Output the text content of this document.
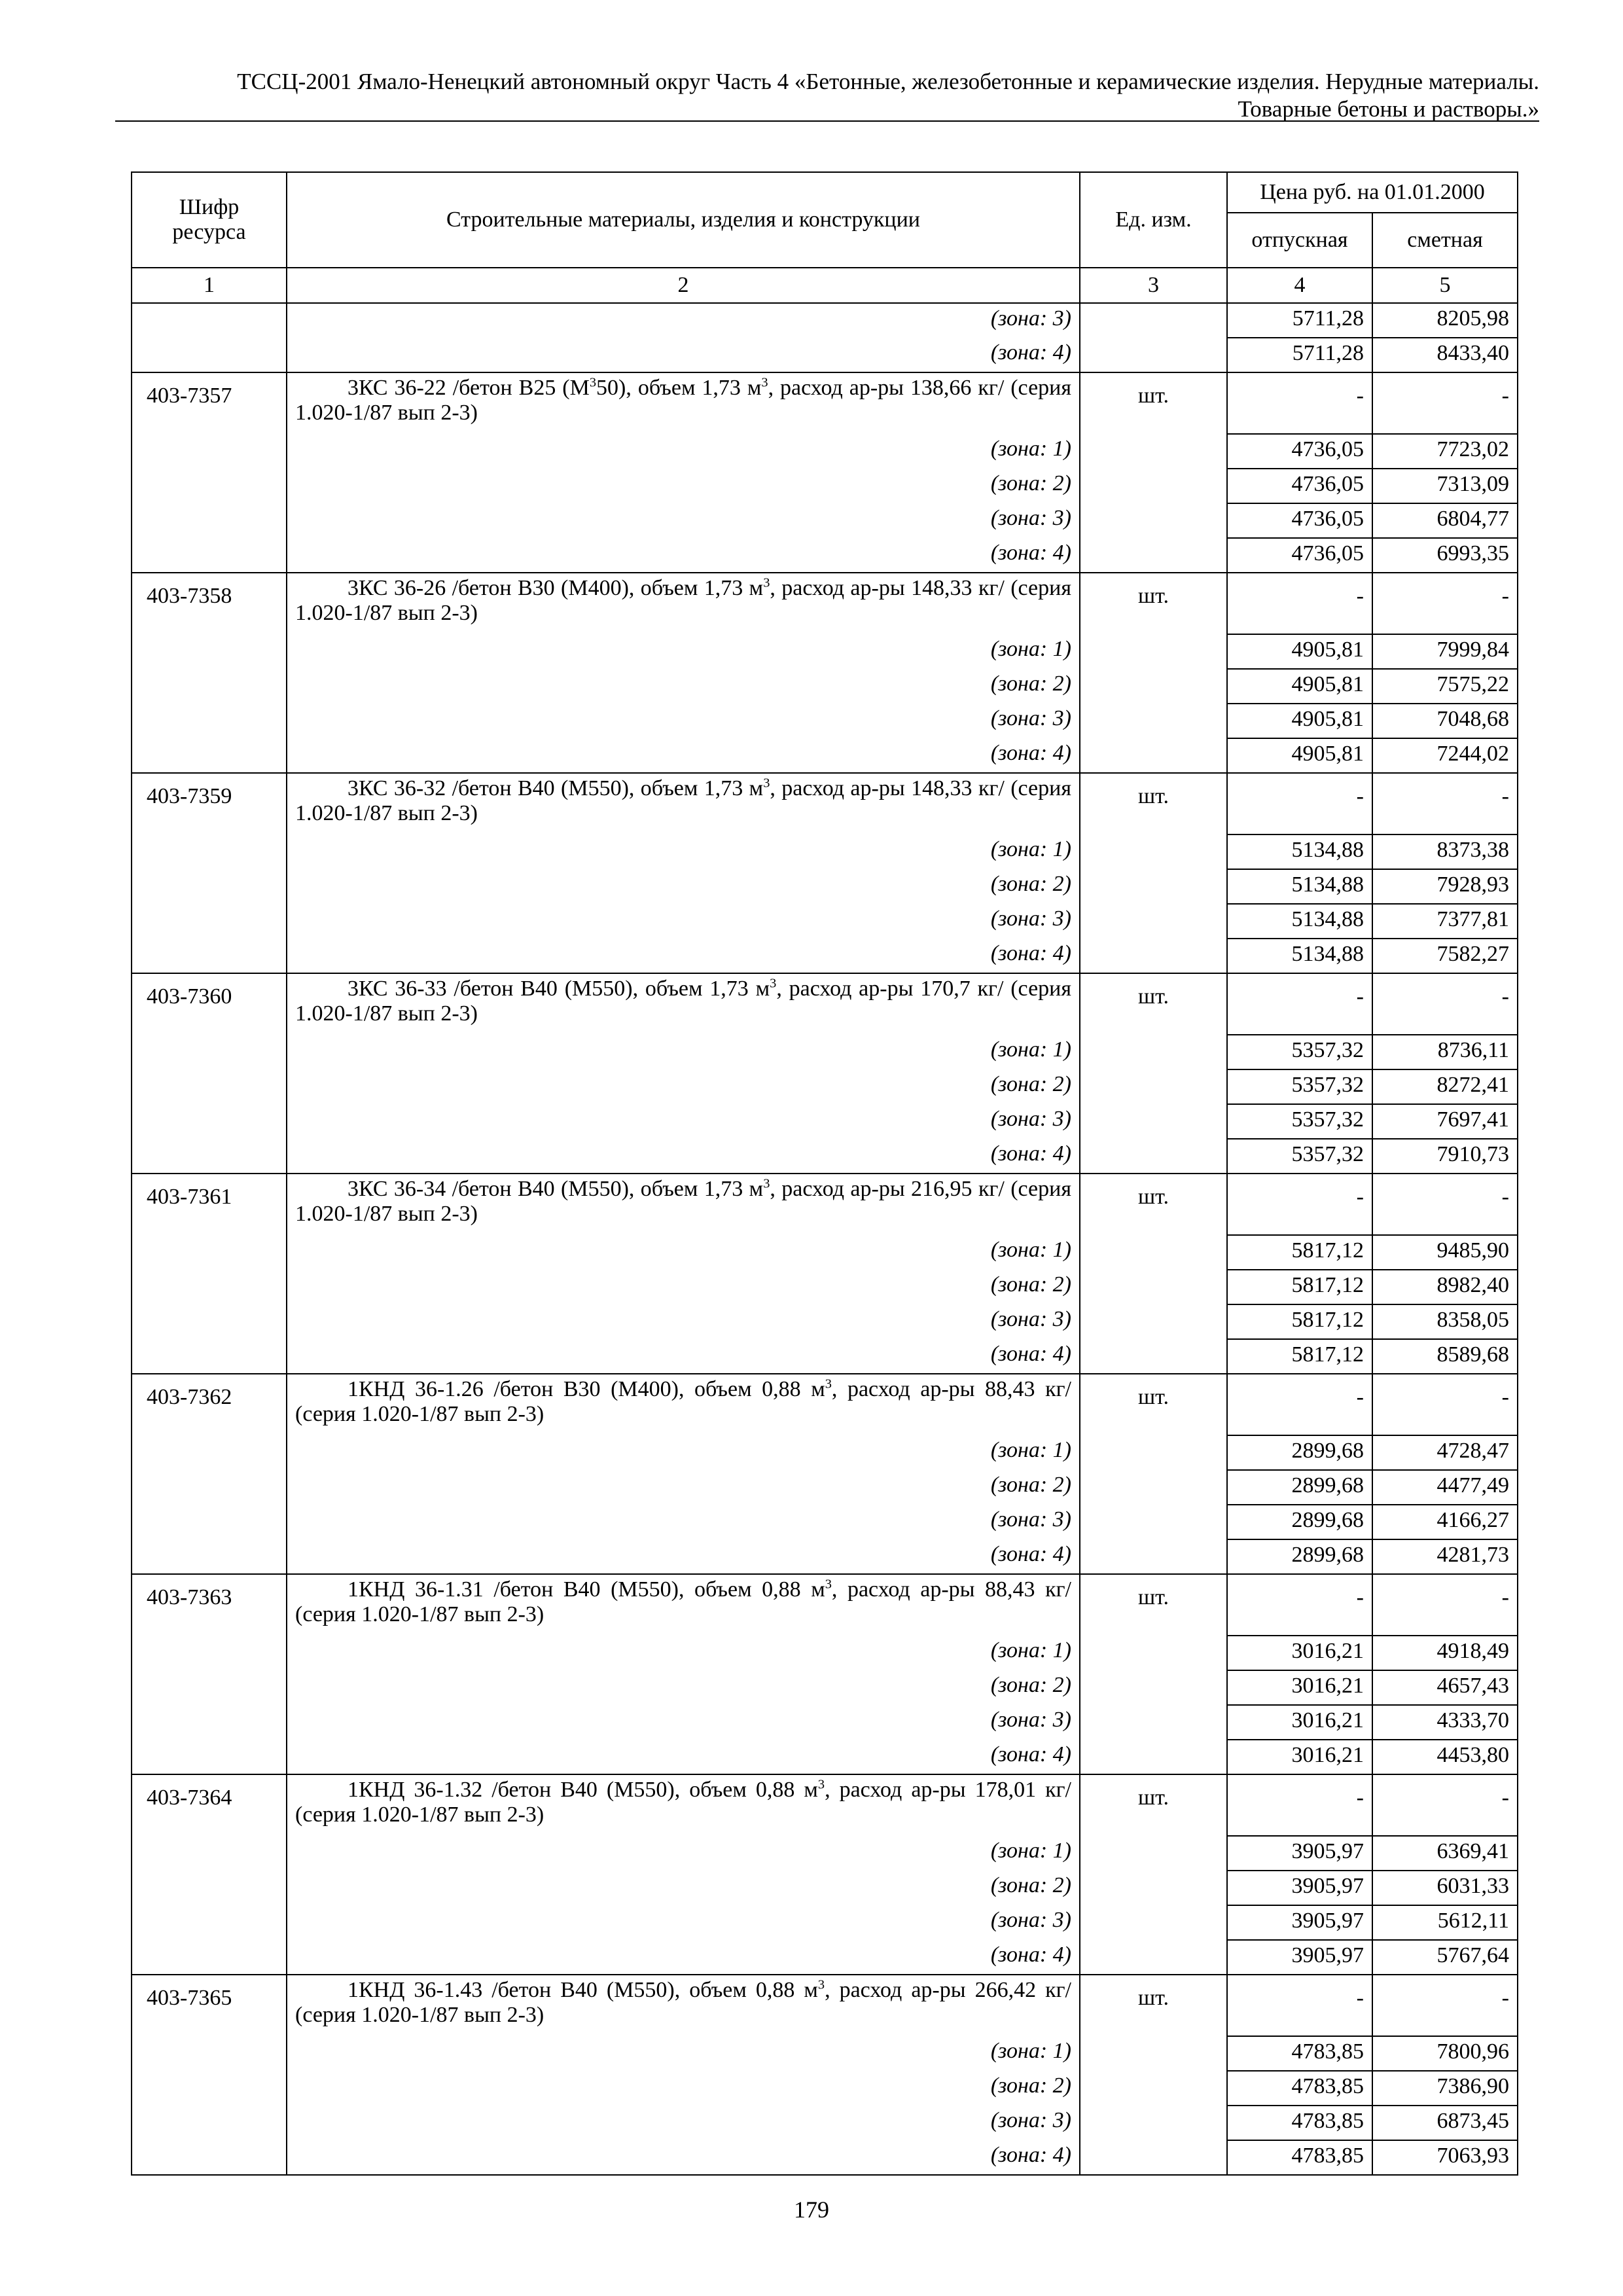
ТССЦ-2001 Ямало-Ненецкий автономный округ Часть 4 «Бетонные, железобетонные и керамические изделия. Нерудные материалы.
Товарные бетоны и растворы.»
Шифр ресурса	Строительные материалы, изделия и конструкции	Ед. изм.	Цена руб. на 01.01.2000	
			отпускная	сметная
1	2	3	4	5
	(зона: 3)		5711,28	8205,98
	(зона: 4)		5711,28	8433,40
403-7357	3КС 36-22 /бетон В25 $(М^350)$, объем 1,73 $м^3$, расход ар-ры 138,66 кг/ (серия 1.020-1/87 вып 2-3)	шт.	-	-
	(зона: 1)		4736,05	7723,02
	(зона: 2)		4736,05	7313,09
	(зона: 3)		4736,05	6804,77
	(зона: 4)		4736,05	6993,35
403-7358	3КС 36-26 /бетон В30 (М400), объем 1,73 $м^3$, расход ар-ры 148,33 кг/ (серия 1.020-1/87 вып 2-3)	шт.	-	-
	(зона: 1)		4905,81	7999,84
	(зона: 2)		4905,81	7575,22
	(зона: 3)		4905,81	7048,68
	(зона: 4)		4905,81	7244,02
403-7359	3КС 36-32 /бетон В40 (М550), объем 1,73 $м^3$, расход ар-ры 148,33 кг/ (серия 1.020-1/87 вып 2-3)	шт.	-	-
	(зона: 1)		5134,88	8373,38
	(зона: 2)		5134,88	7928,93
	(зона: 3)		5134,88	7377,81
	(зона: 4)		5134,88	7582,27
403-7360	3КС 36-33 /бетон В40 (М550), объем 1,73 $м^3$, расход ар-ры 170,7 кг/ (серия 1.020-1/87 вып 2-3)	шт.	-	-
	(зона: 1)		5357,32	8736,11
	(зона: 2)		5357,32	8272,41
	(зона: 3)		5357,32	7697,41
	(зона: 4)		5357,32	7910,73
403-7361	3КС 36-34 /бетон В40 (М550), объем 1,73 $м^3$, расход ар-ры 216,95 кг/ (серия 1.020-1/87 вып 2-3)	шт.	-	-
	(зона: 1)		5817,12	9485,90
	(зона: 2)		5817,12	8982,40
	(зона: 3)		5817,12	8358,05
	(зона: 4)		5817,12	8589,68
403-7362	1КНД 36-1.26 /бетон В30 (М400), объем 0,88 $м^3$, расход ар-ры 88,43 кг/ (серия 1.020-1/87 вып 2-3)	шт.	-	-
	(зона: 1)		2899,68	4728,47
	(зона: 2)		2899,68	4477,49
	(зона: 3)		2899,68	4166,27
	(зона: 4)		2899,68	4281,73
403-7363	1КНД 36-1.31 /бетон В40 (М550), объем 0,88 $м^3$, расход ар-ры 88,43 кг/ (серия 1.020-1/87 вып 2-3)	шт.	-	-
	(зона: 1)		3016,21	4918,49
	(зона: 2)		3016,21	4657,43
	(зона: 3)		3016,21	4333,70
	(зона: 4)		3016,21	4453,80
403-7364	1КНД 36-1.32 /бетон В40 (М550), объем 0,88 $м^3$, расход ар-ры 178,01 кг/ (серия 1.020-1/87 вып 2-3)	шт.	-	-
	(зона: 1)		3905,97	6369,41
	(зона: 2)		3905,97	6031,33
	(зона: 3)		3905,97	5612,11
	(зона: 4)		3905,97	5767,64
403-7365	1КНД 36-1.43 /бетон В40 (М550), объем 0,88 $м^3$, расход ар-ры 266,42 кг/ (серия 1.020-1/87 вып 2-3)	шт.	-	-
	(зона: 1)		4783,85	7800,96
	(зона: 2)		4783,85	7386,90
	(зона: 3)		4783,85	6873,45
	(зона: 4)		4783,85	7063,93
179
